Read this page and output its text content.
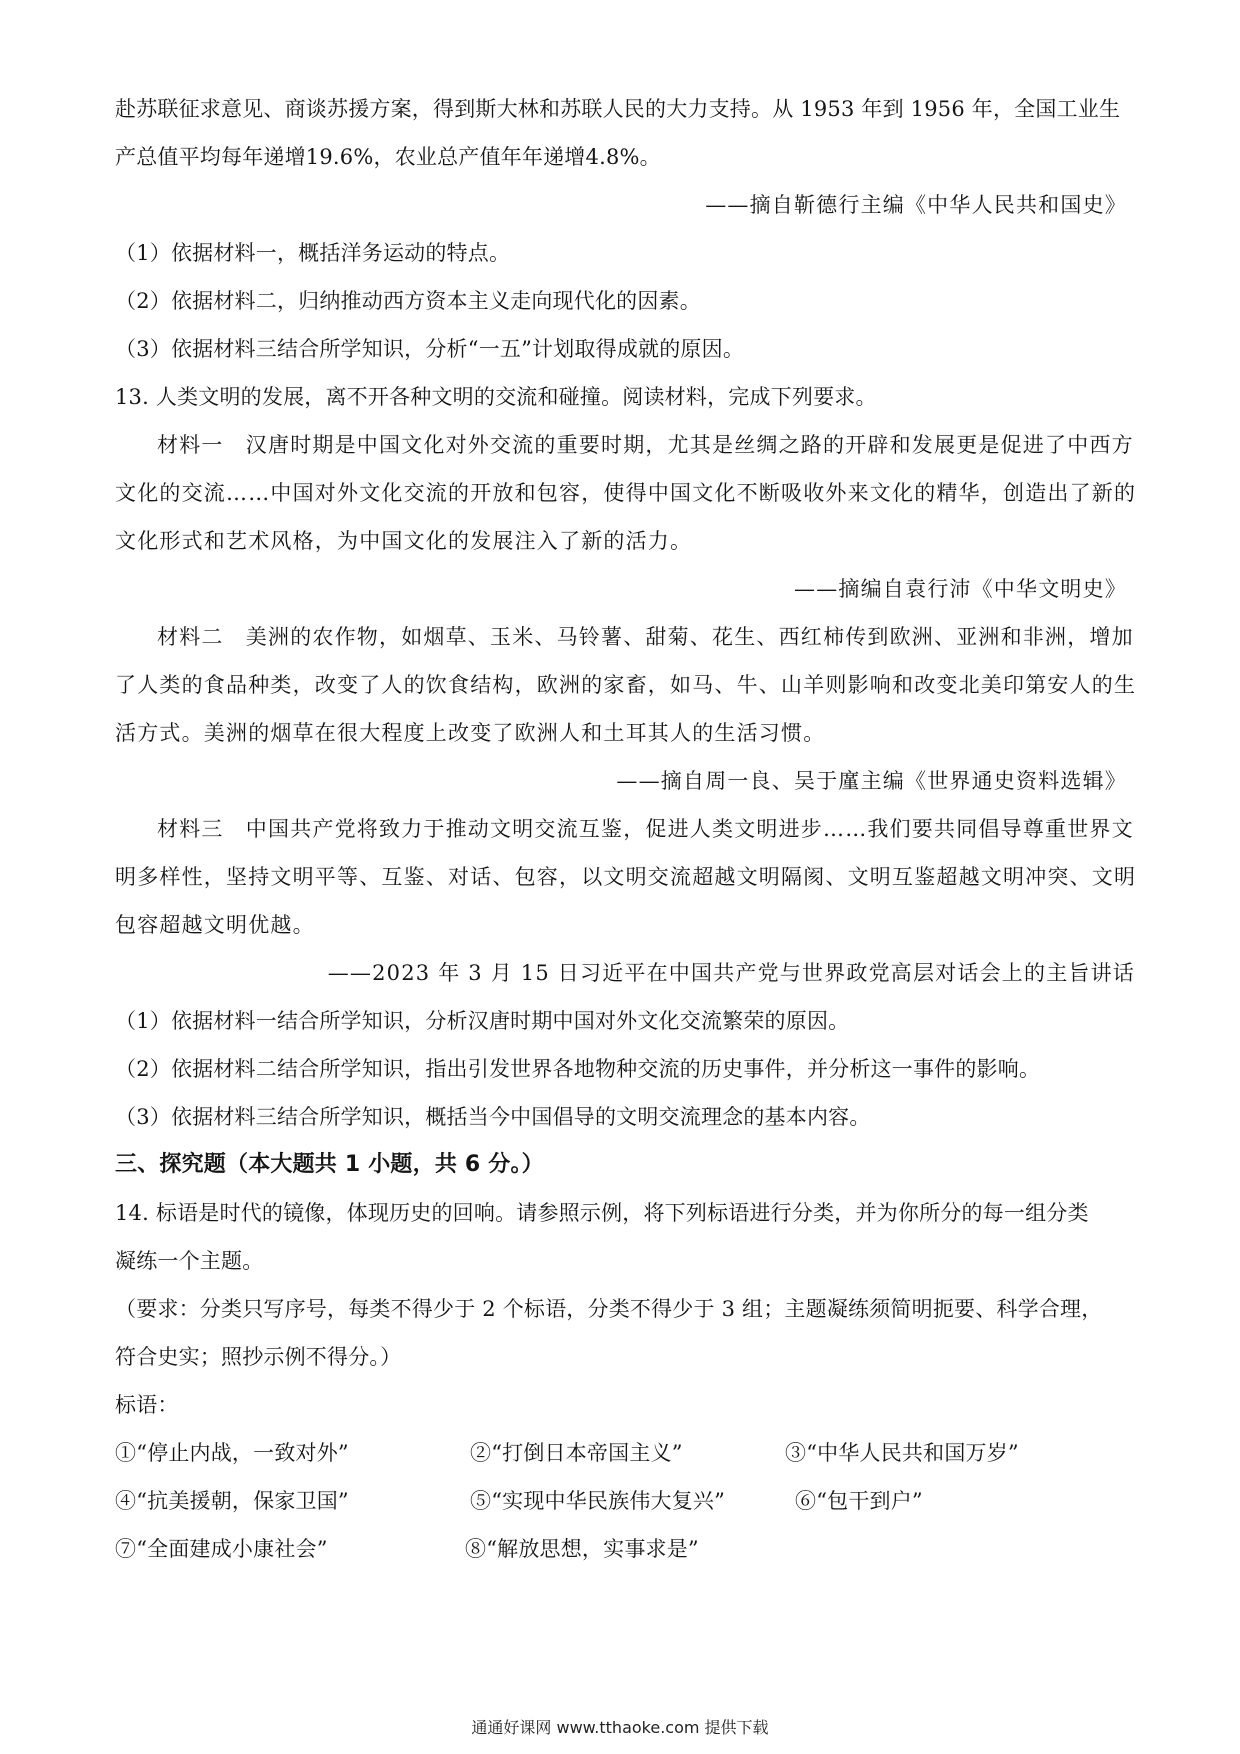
赴苏联征求意见、商谈苏援方案，得到斯大林和苏联人民的大力支持。从 1953 年到 1956 年，全国工业生
产总值平均每年递增19.6%，农业总产值年年递增4.8%。
——摘自靳德行主编《中华人民共和国史》
（1）依据材料一，概括洋务运动的特点。
（2）依据材料二，归纳推动西方资本主义走向现代化的因素。
（3）依据材料三结合所学知识，分析“一五”计划取得成就的原因。
13. 人类文明的发展，离不开各种文明的交流和碰撞。阅读材料，完成下列要求。
材料一　汉唐时期是中国文化对外交流的重要时期，尤其是丝绸之路的开辟和发展更是促进了中西方
文化的交流……中国对外文化交流的开放和包容，使得中国文化不断吸收外来文化的精华，创造出了新的
文化形式和艺术风格，为中国文化的发展注入了新的活力。
——摘编自袁行沛《中华文明史》
材料二　美洲的农作物，如烟草、玉米、马铃薯、甜菊、花生、西红柿传到欧洲、亚洲和非洲，增加
了人类的食品种类，改变了人的饮食结构，欧洲的家畜，如马、牛、山羊则影响和改变北美印第安人的生
活方式。美洲的烟草在很大程度上改变了欧洲人和土耳其人的生活习惯。
——摘自周一良、吴于廑主编《世界通史资料选辑》
材料三　中国共产党将致力于推动文明交流互鉴，促进人类文明进步……我们要共同倡导尊重世界文
明多样性，坚持文明平等、互鉴、对话、包容，以文明交流超越文明隔阂、文明互鉴超越文明冲突、文明
包容超越文明优越。
——2023 年 3 月 15 日习近平在中国共产党与世界政党高层对话会上的主旨讲话
（1）依据材料一结合所学知识，分析汉唐时期中国对外文化交流繁荣的原因。
（2）依据材料二结合所学知识，指出引发世界各地物种交流的历史事件，并分析这一事件的影响。
（3）依据材料三结合所学知识，概括当今中国倡导的文明交流理念的基本内容。
三、探究题（本大题共 1 小题，共 6 分。）
14. 标语是时代的镜像，体现历史的回响。请参照示例，将下列标语进行分类，并为你所分的每一组分类
凝练一个主题。
（要求：分类只写序号，每类不得少于 2 个标语，分类不得少于 3 组；主题凝练须简明扼要、科学合理，
符合史实；照抄示例不得分。）
标语：
①“停止内战，一致对外”	②“打倒日本帝国主义”	③“中华人民共和国万岁”
④“抗美援朝，保家卫国”	⑤“实现中华民族伟大复兴”	⑥“包干到户”
⑦“全面建成小康社会”	⑧“解放思想，实事求是”
通通好课网 www.tthaoke.com 提供下载
